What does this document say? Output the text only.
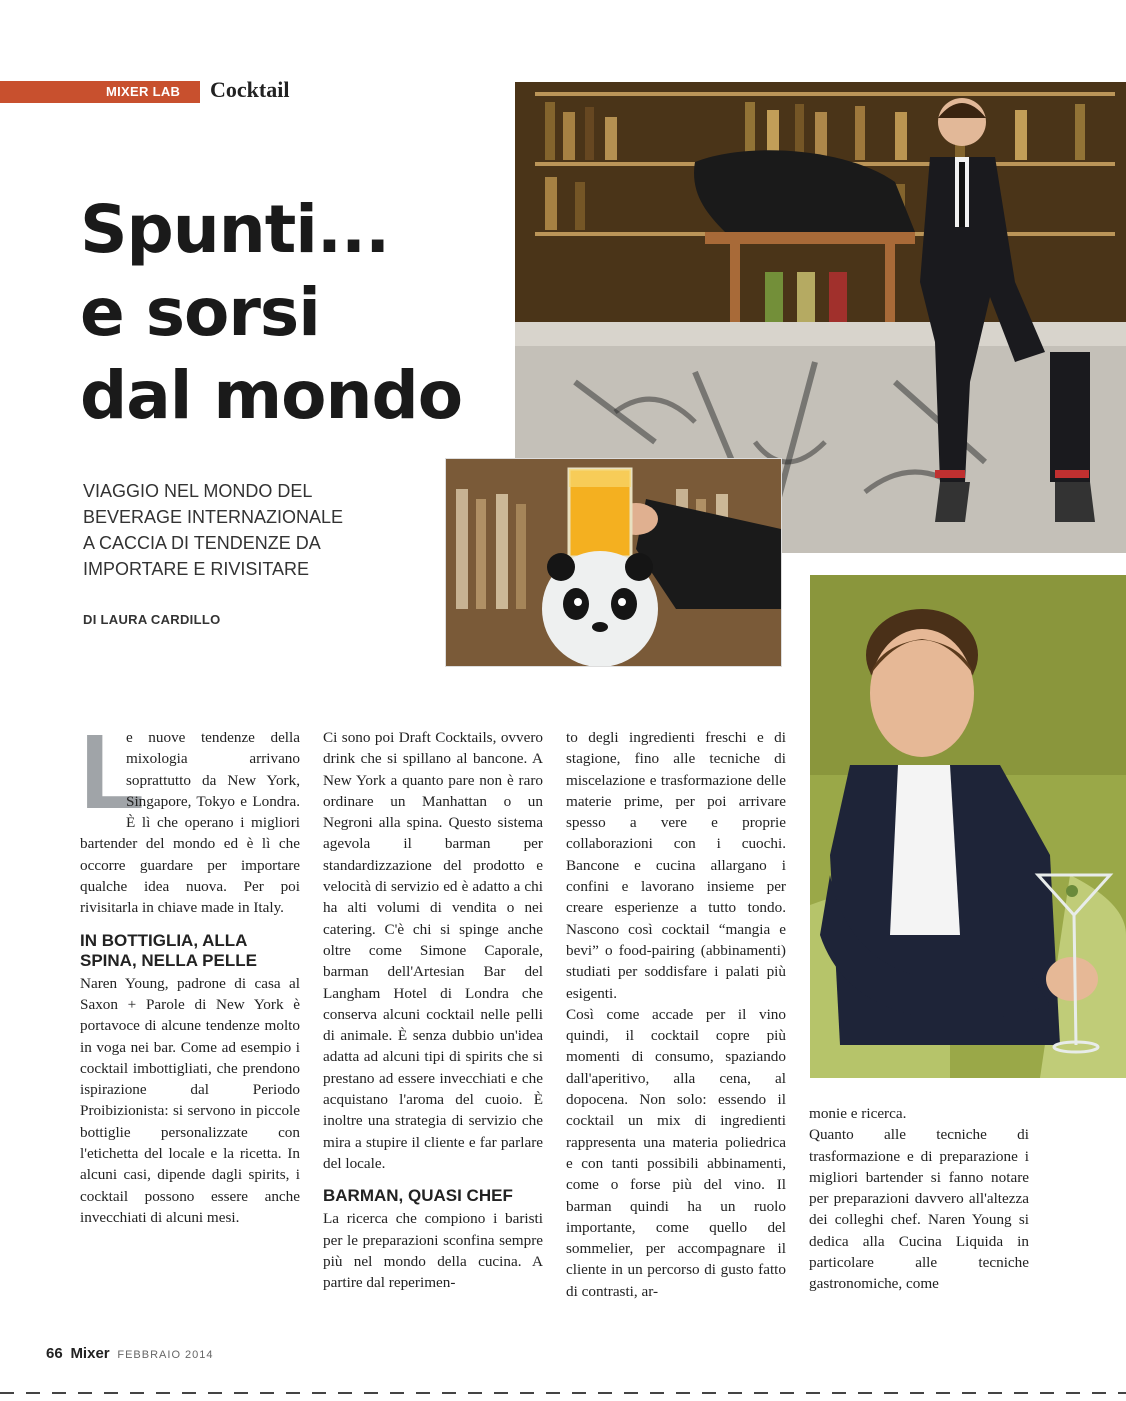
MIXER LAB Cocktail
Spunti...
e sorsi
dal mondo
VIAGGIO NEL MONDO DEL
BEVERAGE INTERNAZIONALE
A CACCIA DI TENDENZE DA
IMPORTARE E RIVISITARE
DI LAURA CARDILLO
L

e nuove tendenze della mixologia arrivano soprattutto da New York, Singapore, Tokyo e Londra. È lì che operano i migliori bartender del mondo ed è lì che occorre guardare per importare qualche idea nuova. Per poi rivisitarla in chiave made in Italy.

IN BOTTIGLIA, ALLA SPINA, NELLA PELLE

Naren Young, padrone di casa al Saxon + Parole di New York è portavoce di alcune tendenze molto in voga nei bar. Come ad esempio i cocktail imbottigliati, che prendono ispirazione dal Periodo Proibizionista: si servono in piccole bottiglie personalizzate con l'etichetta del locale e la ricetta. In alcuni casi, dipende dagli spirits, i cocktail possono essere anche invecchiati di alcuni mesi.

Ci sono poi Draft Cocktails, ovvero drink che si spillano al bancone. A New York a quanto pare non è raro ordinare un Manhattan o un Negroni alla spina. Questo sistema agevola il barman per standardizzazione del prodotto e velocità di servizio ed è adatto a chi ha alti volumi di vendita o nei catering. C'è chi si spinge anche oltre come Simone Caporale, barman dell'Artesian Bar del Langham Hotel di Londra che conserva alcuni cocktail nelle pelli di animale. È senza dubbio un'idea adatta ad alcuni tipi di spirits che si prestano ad essere invecchiati e che acquistano l'aroma del cuoio. È inoltre una strategia di servizio che mira a stupire il cliente e far parlare del locale.

BARMAN, QUASI CHEF

La ricerca che compiono i baristi per le preparazioni sconfina sempre più nel mondo della cucina. A partire dal reperimen-

to degli ingredienti freschi e di stagione, fino alle tecniche di miscelazione e trasformazione delle materie prime, per poi arrivare spesso a vere e proprie collaborazioni con i cuochi. Bancone e cucina allargano i confini e lavorano insieme per creare esperienze a tutto tondo. Nascono così cocktail “mangia e bevi” o food-pairing (abbinamenti) studiati per soddisfare i palati più esigenti.

Così come accade per il vino quindi, il cocktail copre più momenti di consumo, spaziando dall'aperitivo, alla cena, al dopocena. Non solo: essendo il cocktail un mix di ingredienti rappresenta una materia poliedrica e con tanti possibili abbinamenti, come o forse più del vino. Il barman quindi ha un ruolo importante, come quello del sommelier, per accompagnare il cliente in un percorso di gusto fatto di contrasti, ar-

monie e ricerca.

Quanto alle tecniche di trasformazione e di preparazione i migliori bartender si fanno notare per preparazioni davvero all'altezza dei colleghi chef. Naren Young si dedica alla Cucina Liquida in particolare alle tecniche gastronomiche, come

66 Mixer FEBBRAIO 2014
